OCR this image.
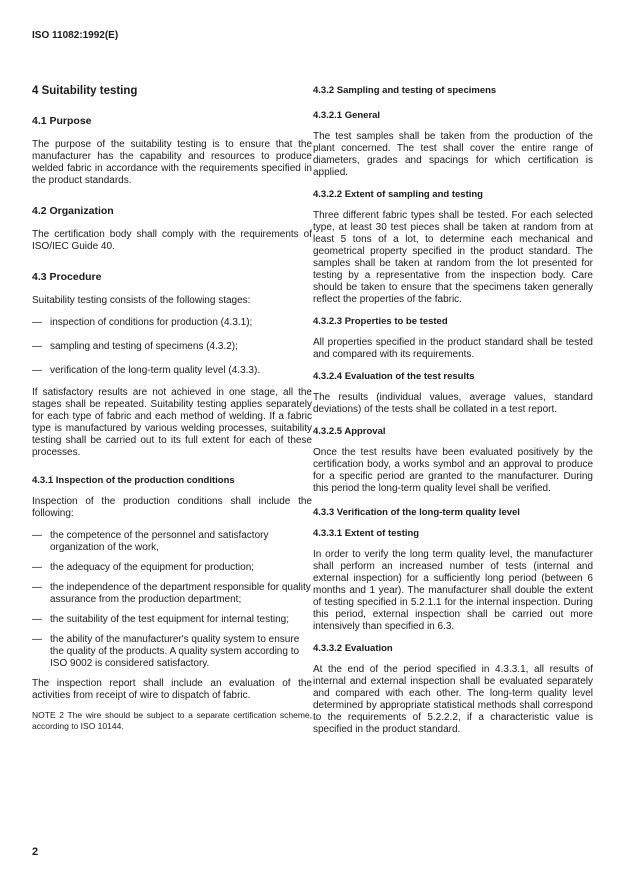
ISO 11082:1992(E)
4 Suitability testing
4.1 Purpose

The purpose of the suitability testing is to ensure that the manufacturer has the capability and resources to produce welded fabric in accordance with the requirements specified in the product standards.

4.2 Organization

The certification body shall comply with the requirements of ISO/IEC Guide 40.

4.3 Procedure

Suitability testing consists of the following stages:

— inspection of conditions for production (4.3.1);
— sampling and testing of specimens (4.3.2);
— verification of the long-term quality level (4.3.3).

If satisfactory results are not achieved in one stage, all the stages shall be repeated. Suitability testing applies separately for each type of fabric and each method of welding. If a fabric type is manufactured by various welding processes, suitability testing shall be carried out to its full extent for each of these processes.

4.3.1 Inspection of the production conditions

Inspection of the production conditions shall include the following:

— the competence of the personnel and satisfactory organization of the work,
— the adequacy of the equipment for production;
— the independence of the department responsible for quality assurance from the production department;
— the suitability of the test equipment for internal testing;
— the ability of the manufacturer's quality system to ensure the quality of the products. A quality system according to ISO 9002 is considered satisfactory.

The inspection report shall include an evaluation of the activities from receipt of wire to dispatch of fabric.

NOTE 2 The wire should be subject to a separate certification scheme, according to ISO 10144.
4.3.2 Sampling and testing of specimens
4.3.2.1 General

The test samples shall be taken from the production of the plant concerned. The test shall cover the entire range of diameters, grades and spacings for which certification is applied.

4.3.2.2 Extent of sampling and testing

Three different fabric types shall be tested. For each selected type, at least 30 test pieces shall be taken at random from at least 5 tons of a lot, to determine each mechanical and geometrical property specified in the product standard. The samples shall be taken at random from the lot presented for testing by a representative from the inspection body. Care should be taken to ensure that the specimens taken generally reflect the properties of the fabric.

4.3.2.3 Properties to be tested

All properties specified in the product standard shall be tested and compared with its requirements.

4.3.2.4 Evaluation of the test results

The results (individual values, average values, standard deviations) of the tests shall be collated in a test report.

4.3.2.5 Approval

Once the test results have been evaluated positively by the certification body, a works symbol and an approval to produce for a specific period are granted to the manufacturer. During this period the long-term quality level shall be verified.

4.3.3 Verification of the long-term quality level
4.3.3.1 Extent of testing

In order to verify the long term quality level, the manufacturer shall perform an increased number of tests (internal and external inspection) for a sufficiently long period (between 6 months and 1 year). The manufacturer shall double the extent of testing specified in 5.2.1.1 for the internal inspection. During this period, external inspection shall be carried out more intensively than specified in 6.3.

4.3.3.2 Evaluation

At the end of the period specified in 4.3.3.1, all results of internal and external inspection shall be evaluated separately and compared with each other. The long-term quality level determined by appropriate statistical methods shall correspond to the requirements of 5.2.2.2, if a characteristic value is specified in the product standard.

2
